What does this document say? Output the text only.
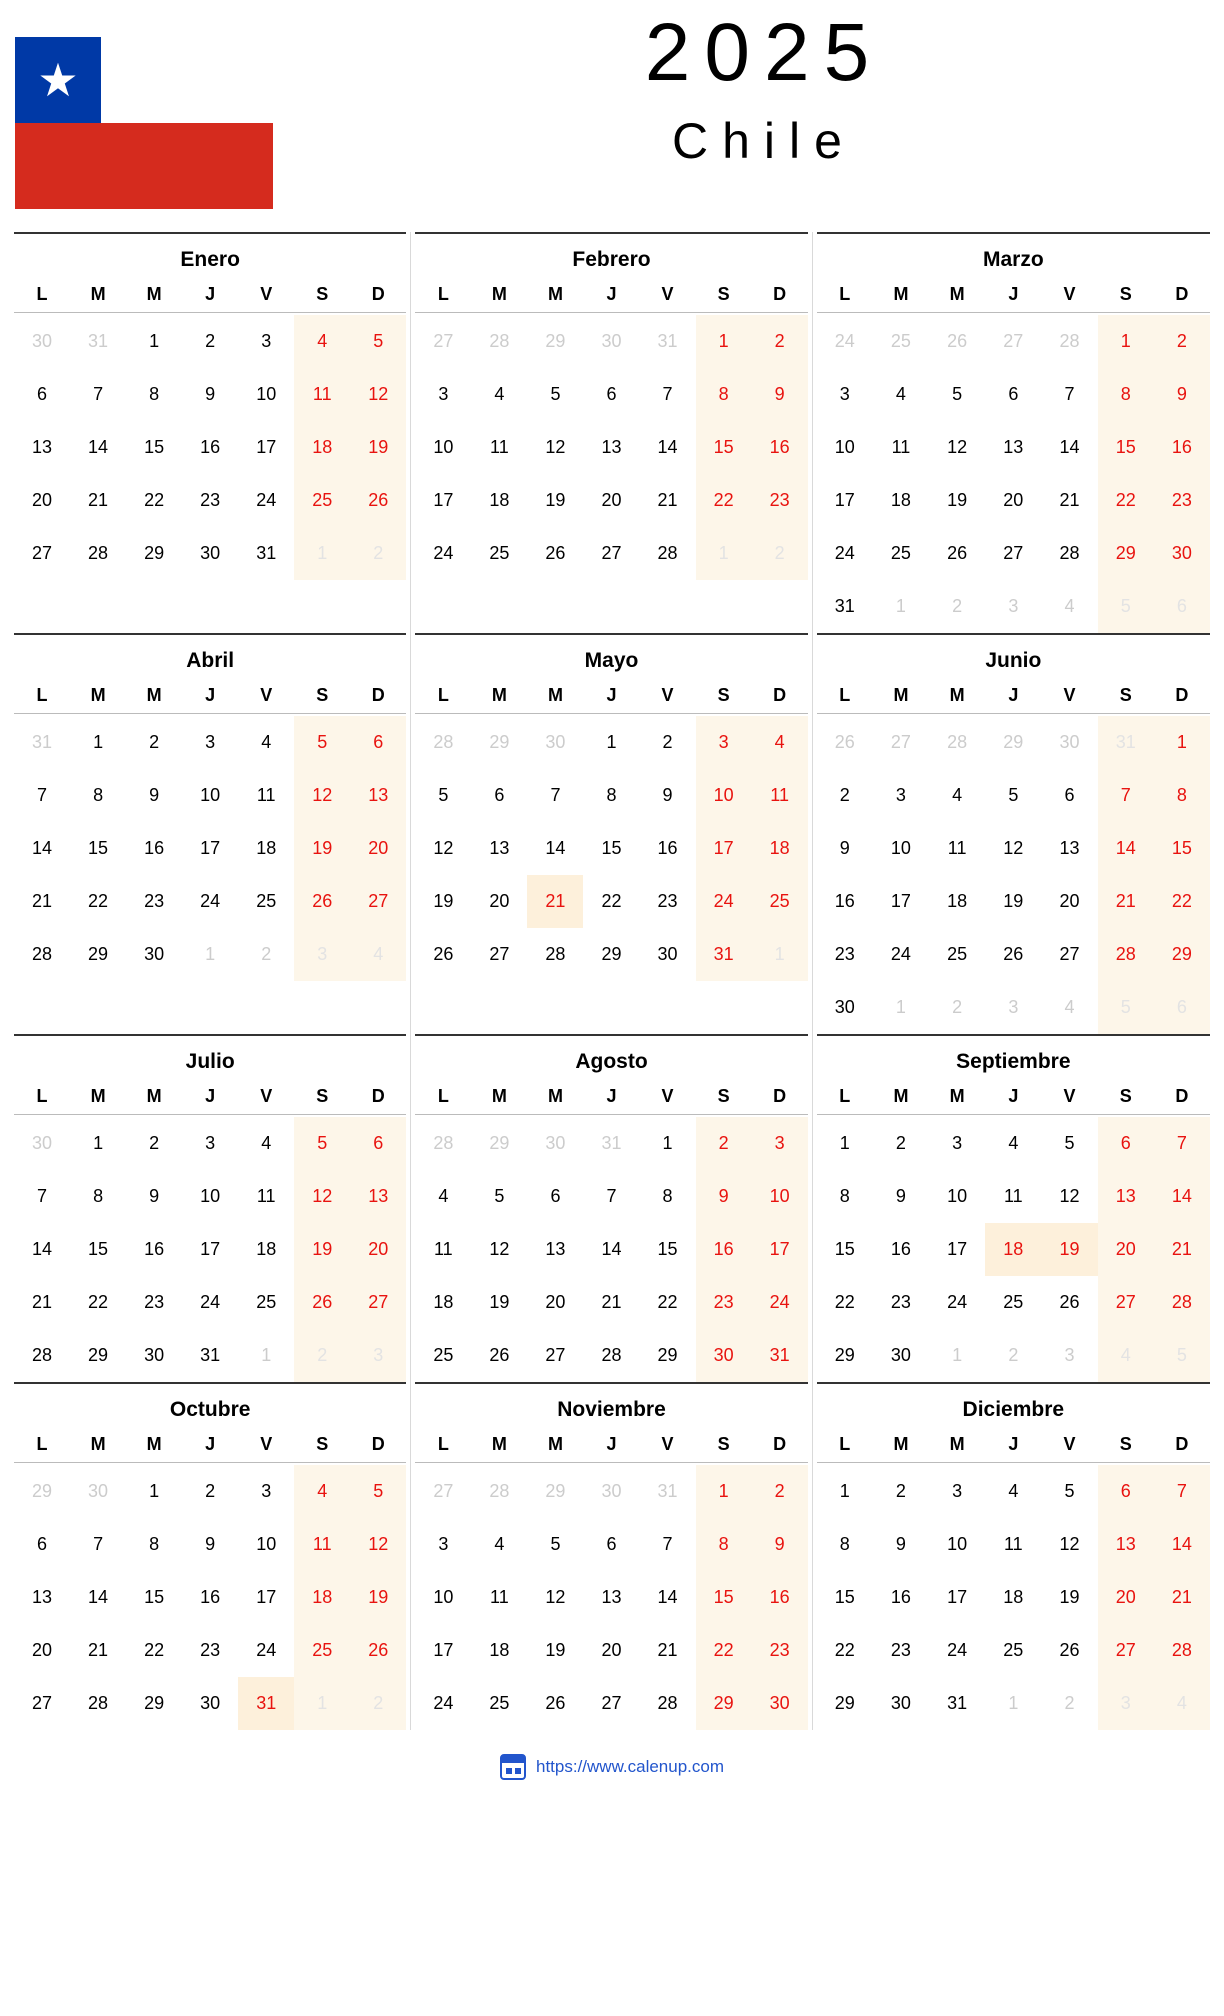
★	2025
Chile
Enero
L	M	M	J	V	S	D
30	31	1	2	3	4	5
6	7	8	9	10	11	12
13	14	15	16	17	18	19
20	21	22	23	24	25	26
27	28	29	30	31	1	2
Febrero
L	M	M	J	V	S	D
27	28	29	30	31	1	2
3	4	5	6	7	8	9
10	11	12	13	14	15	16
17	18	19	20	21	22	23
24	25	26	27	28	1	2
Marzo
L	M	M	J	V	S	D
24	25	26	27	28	1	2
3	4	5	6	7	8	9
10	11	12	13	14	15	16
17	18	19	20	21	22	23
24	25	26	27	28	29	30
31	1	2	3	4	5	6
Abril
L	M	M	J	V	S	D
31	1	2	3	4	5	6
7	8	9	10	11	12	13
14	15	16	17	18	19	20
21	22	23	24	25	26	27
28	29	30	1	2	3	4
Mayo
L	M	M	J	V	S	D
28	29	30	1	2	3	4
5	6	7	8	9	10	11
12	13	14	15	16	17	18
19	20	21	22	23	24	25
26	27	28	29	30	31	1
Junio
L	M	M	J	V	S	D
26	27	28	29	30	31	1
2	3	4	5	6	7	8
9	10	11	12	13	14	15
16	17	18	19	20	21	22
23	24	25	26	27	28	29
30	1	2	3	4	5	6
Julio
L	M	M	J	V	S	D
30	1	2	3	4	5	6
7	8	9	10	11	12	13
14	15	16	17	18	19	20
21	22	23	24	25	26	27
28	29	30	31	1	2	3
Agosto
L	M	M	J	V	S	D
28	29	30	31	1	2	3
4	5	6	7	8	9	10
11	12	13	14	15	16	17
18	19	20	21	22	23	24
25	26	27	28	29	30	31
Septiembre
L	M	M	J	V	S	D
1	2	3	4	5	6	7
8	9	10	11	12	13	14
15	16	17	18	19	20	21
22	23	24	25	26	27	28
29	30	1	2	3	4	5
Octubre
L	M	M	J	V	S	D
29	30	1	2	3	4	5
6	7	8	9	10	11	12
13	14	15	16	17	18	19
20	21	22	23	24	25	26
27	28	29	30	31	1	2
Noviembre
L	M	M	J	V	S	D
27	28	29	30	31	1	2
3	4	5	6	7	8	9
10	11	12	13	14	15	16
17	18	19	20	21	22	23
24	25	26	27	28	29	30
Diciembre
L	M	M	J	V	S	D
1	2	3	4	5	6	7
8	9	10	11	12	13	14
15	16	17	18	19	20	21
22	23	24	25	26	27	28
29	30	31	1	2	3	4
https://www.calenup.com
